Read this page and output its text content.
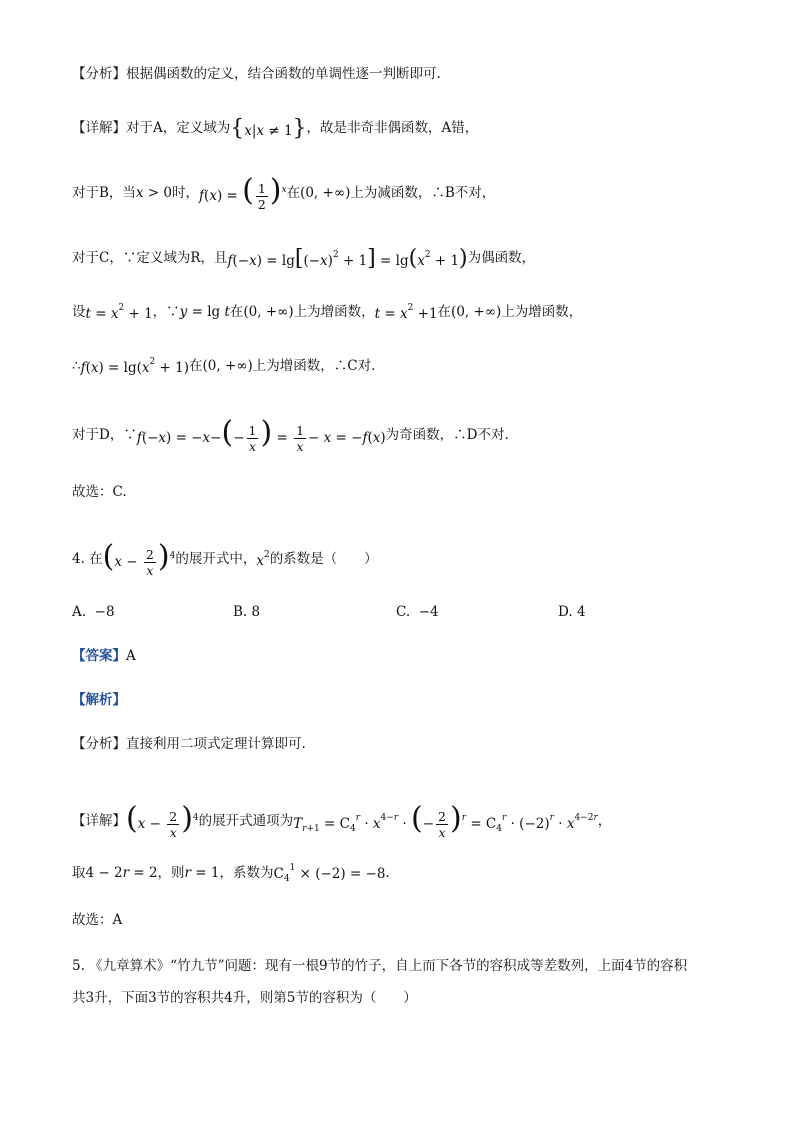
【分析】 根据偶函数的定义，结合函数的单调性逐一判断即可.
【详解】 对于A，定义域为 {x|x ≠ 1} ，故是非奇非偶函数，A错，
对于B，当 x > 0 时， f(x) = ( $\frac{1}{2} )^x$ 在 (0, +∞) 上为减函数，∴B不对，
对于C，∵定义域为R，且 $f(-x) = \lg[(-x)^2 + 1] = \lg(x^2 + 1)$ 为偶函数，
设 $t = x^2 + 1$ ，∵ y = lg t 在 (0, +∞) 上为增函数， $t = x^2 +1$ 在 (0, +∞) 上为增函数，
∴ $f(x) = \lg(x^2 + 1)$ 在 (0, +∞) 上为增函数，∴C对.
对于D，∵ $f(-x) = -x-(- \frac{1}{x}$ ) = $\frac{1}{x} - x = -f(x)$ 为奇函数，∴D不对.
故选：C.
4. 在 $(x - \frac{2}{x} )^4$ 的展开式中， $x^2$ 的系数是（　　）
A.
−8	B.
8	C.
−4	D.
4
【答案】 A
【解析】
【分析】 直接利用二项式定理计算即可.
【详解】 $(x - \frac{2}{x} )^4$ 的展开式通项为 $T_{r+1} = C_4^r \cdot x^{4-r}$ · (− $\frac{2}{x} )^r = C_4^r \cdot (-2)^r \cdot x^{4-2r}$ ，
取 4 − 2r = 2 ，则 r = 1 ，系数为 $C_4^1 \times (-2) = -8$ .
故选：A
5. 《九章算术》“竹九节”问题：现有一根9节的竹子，自上而下各节的容积成等差数列，上面4节的容积
共3升，下面3节的容积共4升，则第5节的容积为（　　）
